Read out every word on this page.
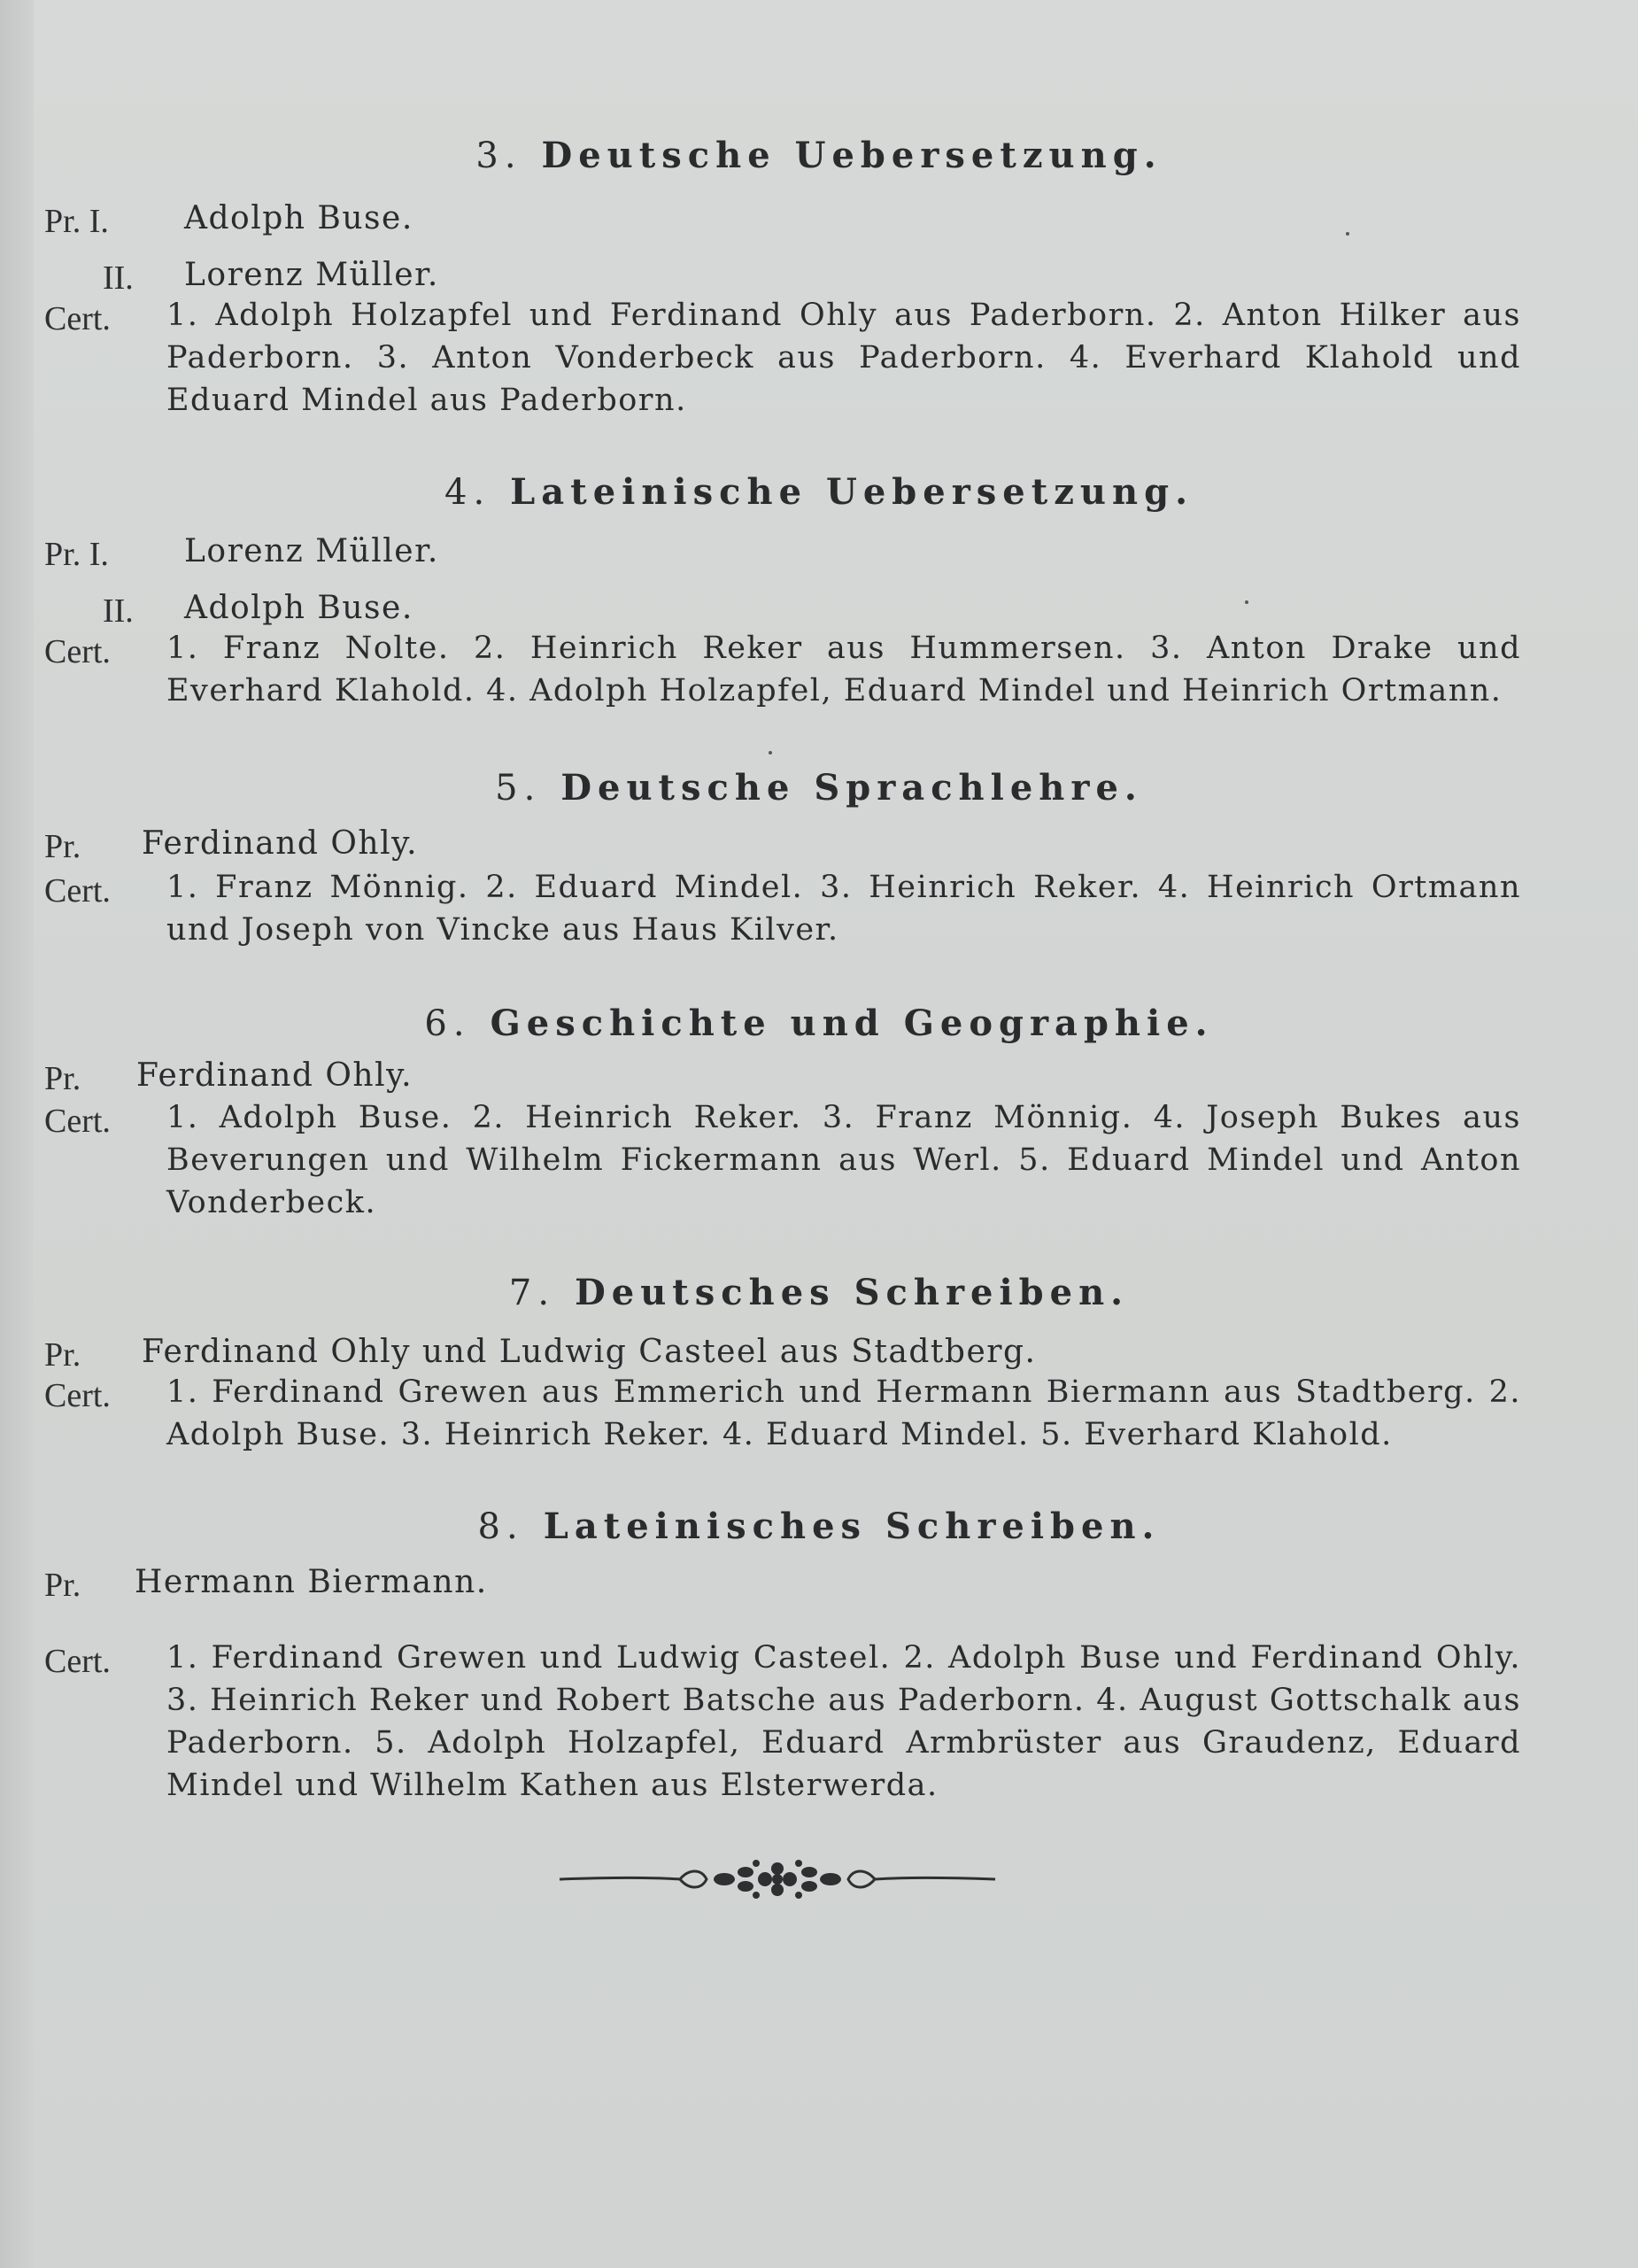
3. Deutsche Uebersetzung.
Pr. I. Adolph Buse.
II. Lorenz Müller.
Cert. 1. Adolph Holzapfel und Ferdinand Ohly aus Paderborn. 2. Anton Hilker aus Paderborn. 3. Anton Vonderbeck aus Paderborn. 4. Everhard Klahold und Eduard Mindel aus Paderborn.
4. Lateinische Uebersetzung.
Pr. I. Lorenz Müller.
II. Adolph Buse.
Cert. 1. Franz Nolte. 2. Heinrich Reker aus Hummersen. 3. Anton Drake und Everhard Klahold. 4. Adolph Holzapfel, Eduard Mindel und Heinrich Ortmann.
5. Deutsche Sprachlehre.
Pr. Ferdinand Ohly.
Cert. 1. Franz Mönnig. 2. Eduard Mindel. 3. Heinrich Reker. 4. Heinrich Ortmann und Joseph von Vincke aus Haus Kilver.
6. Geschichte und Geographie.
Pr. Ferdinand Ohly.
Cert. 1. Adolph Buse. 2. Heinrich Reker. 3. Franz Mönnig. 4. Joseph Bukes aus Beverungen und Wilhelm Fickermann aus Werl. 5. Eduard Mindel und Anton Vonderbeck.
7. Deutsches Schreiben.
Pr. Ferdinand Ohly und Ludwig Casteel aus Stadtberg.
Cert. 1. Ferdinand Grewen aus Emmerich und Hermann Biermann aus Stadtberg. 2. Adolph Buse. 3. Heinrich Reker. 4. Eduard Mindel. 5. Everhard Klahold.
8. Lateinisches Schreiben.
Pr. Hermann Biermann.
Cert. 1. Ferdinand Grewen und Ludwig Casteel. 2. Adolph Buse und Ferdinand Ohly. 3. Heinrich Reker und Robert Batsche aus Paderborn. 4. August Gottschalk aus Paderborn. 5. Adolph Holzapfel, Eduard Armbrüster aus Graudenz, Eduard Mindel und Wilhelm Kathen aus Elsterwerda.
